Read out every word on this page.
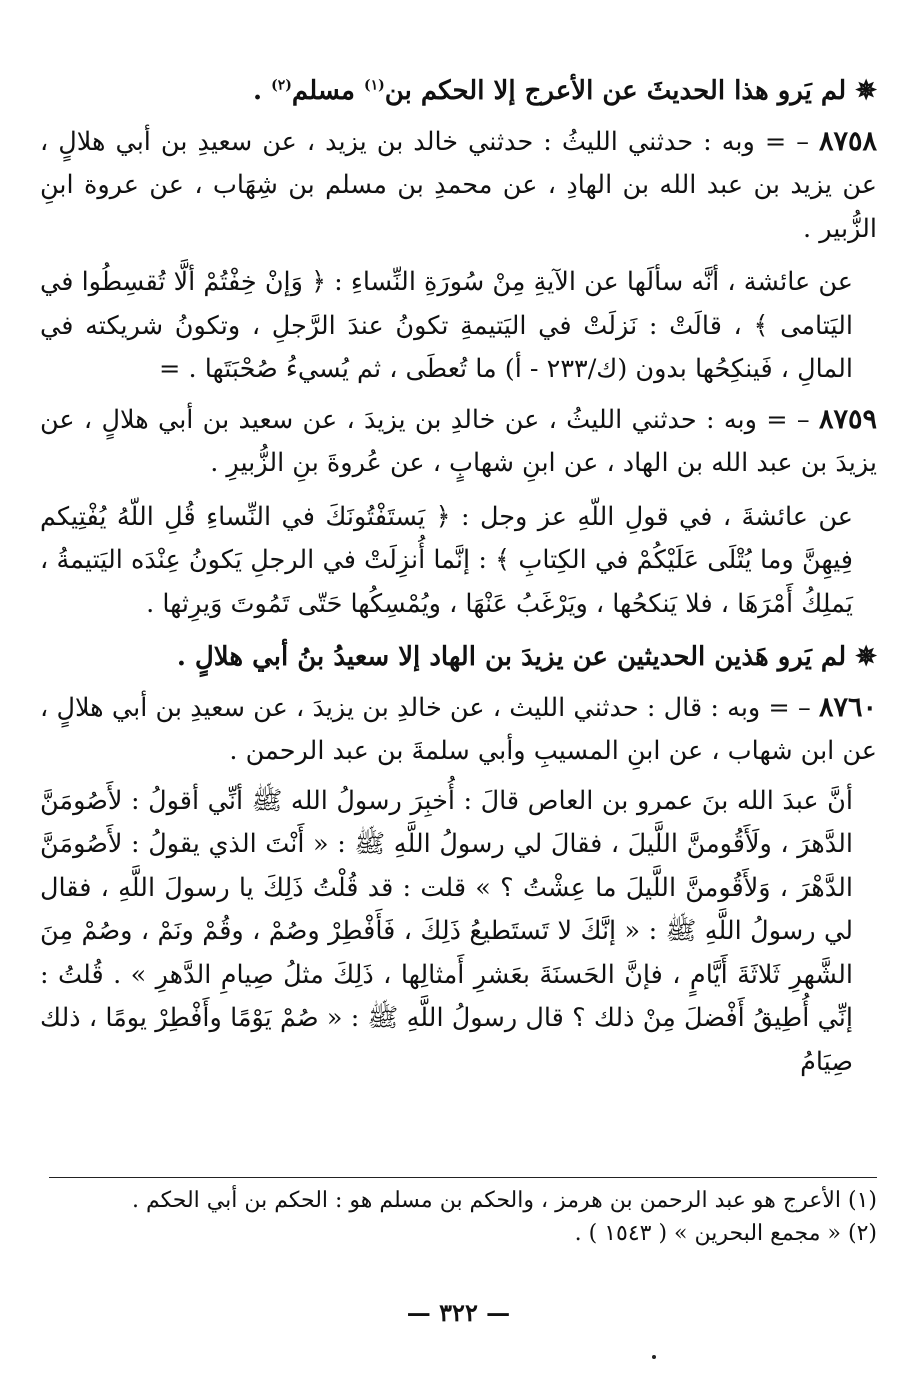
✵ لم يَرو هذا الحديثَ عن الأعرج إلا الحكم بن$^{(١)}$ مسلم$^{(٢)}$ .

٨٧٥٨ – = وبه : حدثني الليثُ : حدثني خالد بن يزيد ، عن سعيدِ بن أبي هلالٍ ، عن يزيد بن عبد الله بن الهادِ ، عن محمدِ بن مسلم بن شِهَاب ، عن عروة ابنِ الزُّبير .

عن عائشة ، أنَّه سألَها عن الآيةِ مِنْ سُورَةِ النِّساءِ : ﴿ وَإنْ خِفْتُمْ ألَّا تُقسِطُوا في اليَتامى ﴾ ، قالَتْ : نَزلَتْ في اليَتيمةِ تكونُ عندَ الرَّجلِ ، وتكونُ شريكته في المالِ ، فَينكِحُها بدون (ك/٢٣٣ - أ) ما تُعطَى ، ثم يُسيءُ صُحْبَتَها . =

٨٧٥٩ – = وبه : حدثني الليثُ ، عن خالدِ بن يزيدَ ، عن سعيد بن أبي هلالٍ ، عن يزيدَ بن عبد الله بن الهاد ، عن ابنِ شهابٍ ، عن عُروةَ بنِ الزُّبيرِ .

عن عائشةَ ، في قولِ اللّهِ عز وجل : ﴿ يَستَفْتُونَكَ في النِّساءِ قُلِ اللّهُ يُفْتِيكم فِيهِنَّ وما يُتْلَى عَلَيْكُمْ في الكِتابِ ﴾ : إنَّما أُنزِلَتْ في الرجلِ يَكونُ عِنْدَه اليَتيمةُ ، يَملِكُ أَمْرَهَا ، فلا يَنكحُها ، ويَرْغَبُ عَنْهَا ، ويُمْسِكُها حَتّى تَمُوتَ وَيرِثها .

✵ لم يَرو هَذين الحديثين عن يزيدَ بن الهاد إلا سعيدُ بنُ أبي هلالٍ .

٨٧٦٠ – = وبه : قال : حدثني الليث ، عن خالدِ بن يزيدَ ، عن سعيدِ بن أبي هلالٍ ، عن ابن شهاب ، عن ابنِ المسيبِ وأبي سلمةَ بن عبد الرحمن .

أنَّ عبدَ الله بنَ عمرو بن العاص قالَ : أُخبِرَ رسولُ الله ﷺ أنِّي أقولُ : لأَصُومَنَّ الدَّهرَ ، ولَأَقُومنَّ اللَّيلَ ، فقالَ لي رسولُ اللَّهِ ﷺ : « أَنْتَ الذي يقولُ : لأَصُومَنَّ الدَّهْرَ ، وَلأَقُومنَّ اللَّيلَ ما عِشْتُ ؟ » قلت : قد قُلْتُ ذَلِكَ يا رسولَ اللَّهِ ، فقال لي رسولُ اللَّهِ ﷺ : « إنَّكَ لا تَستَطيعُ ذَلِكَ ، فَأَفْطِرْ وصُمْ ، وقُمْ ونَمْ ، وصُمْ مِنَ الشَّهرِ ثَلاثَةَ أَيَّامٍ ، فإنَّ الحَسنَةَ بعَشرِ أَمثالِها ، ذَلِكَ مثلُ صِيامِ الدَّهرِ » . قُلتُ : إنِّي أُطِيقُ أَفْضلَ مِنْ ذلك ؟ قال رسولُ اللَّهِ ﷺ : « صُمْ يَوْمًا وأَفْطِرْ يومًا ، ذلك صِيَامُ

(١) الأعرج هو عبد الرحمن بن هرمز ، والحكم بن مسلم هو : الحكم بن أبي الحكم .

(٢) « مجمع البحرين » ( ١٥٤٣ ) .

— ٣٢٢ —
